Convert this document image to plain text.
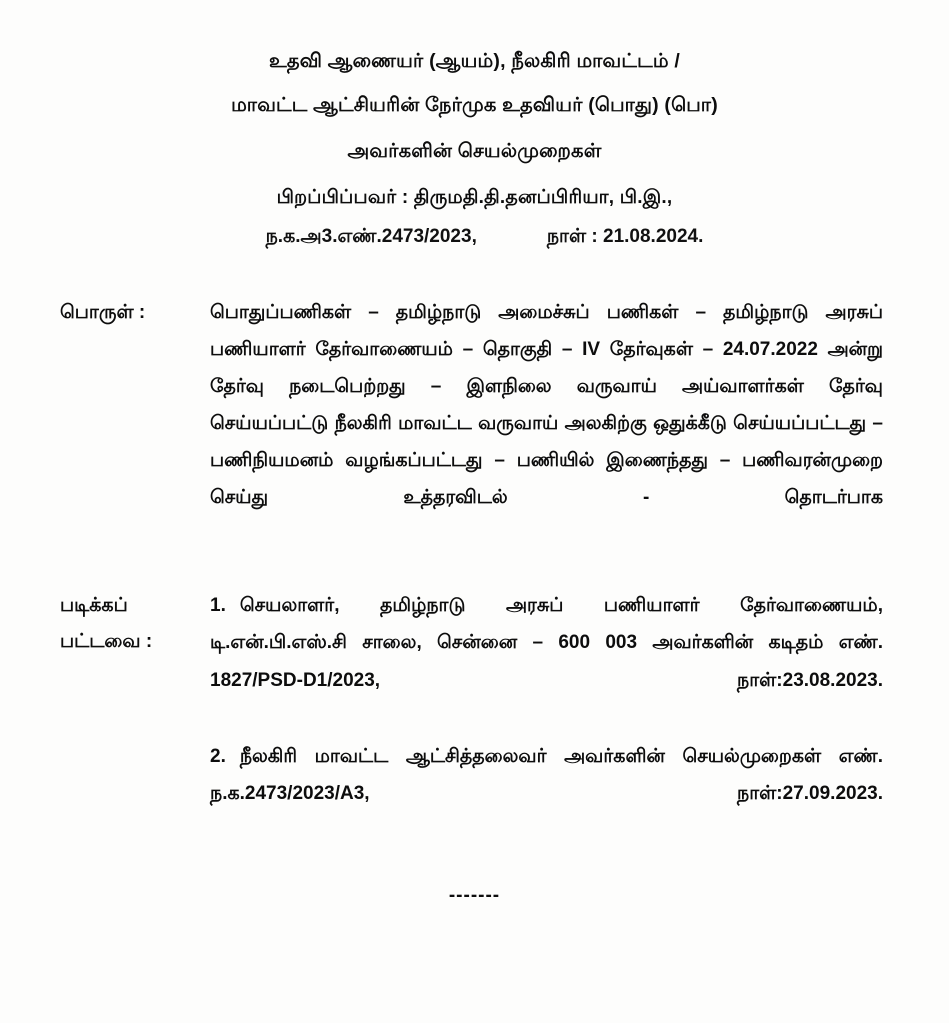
உதவி ஆணையர் (ஆயம்), நீலகிரி மாவட்டம் /
மாவட்ட ஆட்சியரின் நேர்முக உதவியர் (பொது) (பொ)
அவர்களின் செயல்முறைகள்
பிறப்பிப்பவர் : திருமதி.தி.தனப்பிரியா, பி.இ.,
ந.க.அ3.எண்.2473/2023,	நாள் : 21.08.2024.
பொருள் :	பொதுப்பணிகள் – தமிழ்நாடு அமைச்சுப் பணிகள் – தமிழ்நாடு அரசுப் பணியாளர் தேர்வாணையம் – தொகுதி – IV தேர்வுகள் – 24.07.2022 அன்று தேர்வு நடைபெற்றது – இளநிலை வருவாய் அய்வாளர்கள் தேர்வு செய்யப்பட்டு நீலகிரி மாவட்ட வருவாய் அலகிற்கு ஒதுக்கீடு செய்யப்பட்டது – பணிநியமனம் வழங்கப்பட்டது – பணியில் இணைந்தது – பணிவரன்முறை செய்து உத்தரவிடல் - தொடர்பாக
படிக்கப்
பட்டவை :
1. செயலாளர், தமிழ்நாடு அரசுப் பணியாளர் தேர்வாணையம், டி.என்.பி.எஸ்.சி சாலை, சென்னை – 600 003 அவர்களின் கடிதம் எண். 1827/PSD-D1/2023, நாள்:23.08.2023.
2. நீலகிரி மாவட்ட ஆட்சித்தலைவர் அவர்களின் செயல்முறைகள் எண். ந.க.2473/2023/A3, நாள்:27.09.2023.
-------
